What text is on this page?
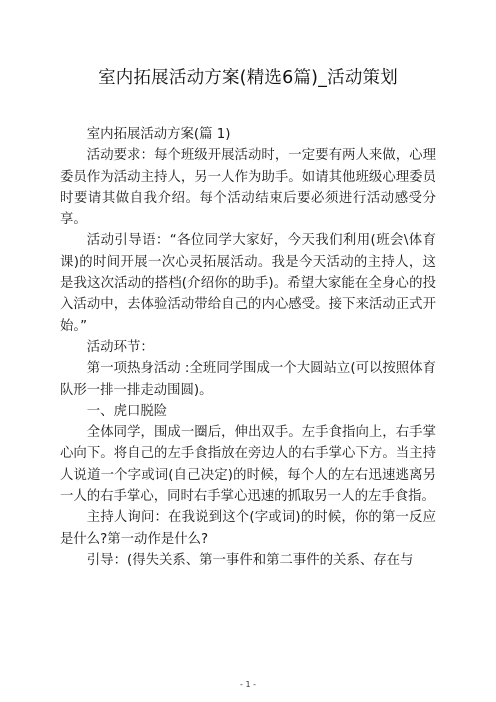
室内拓展活动方案(精选6篇)_活动策划

室内拓展活动方案(篇 1)

活动要求：每个班级开展活动时，一定要有两人来做，心理委员作为活动主持人，另一人作为助手。如请其他班级心理委员时要请其做自我介绍。每个活动结束后要必须进行活动感受分享。

活动引导语：“各位同学大家好，今天我们利用(班会\体育课)的时间开展一次心灵拓展活动。我是今天活动的主持人，这是我这次活动的搭档(介绍你的助手)。希望大家能在全身心的投入活动中，去体验活动带给自己的内心感受。接下来活动正式开始。”

活动环节：

第一项热身活动 :全班同学围成一个大圆站立(可以按照体育队形一排一排走动围圆)。

一、虎口脱险

全体同学，围成一圈后，伸出双手。左手食指向上，右手掌心向下。将自己的左手食指放在旁边人的右手掌心下方。当主持人说道一个字或词(自己决定)的时候，每个人的左右迅速逃离另一人的右手掌心，同时右手掌心迅速的抓取另一人的左手食指。

主持人询问：在我说到这个(字或词)的时候，你的第一反应是什么?第一动作是什么?

引导：(得失关系、第一事件和第二事件的关系、存在与

- 1 -
